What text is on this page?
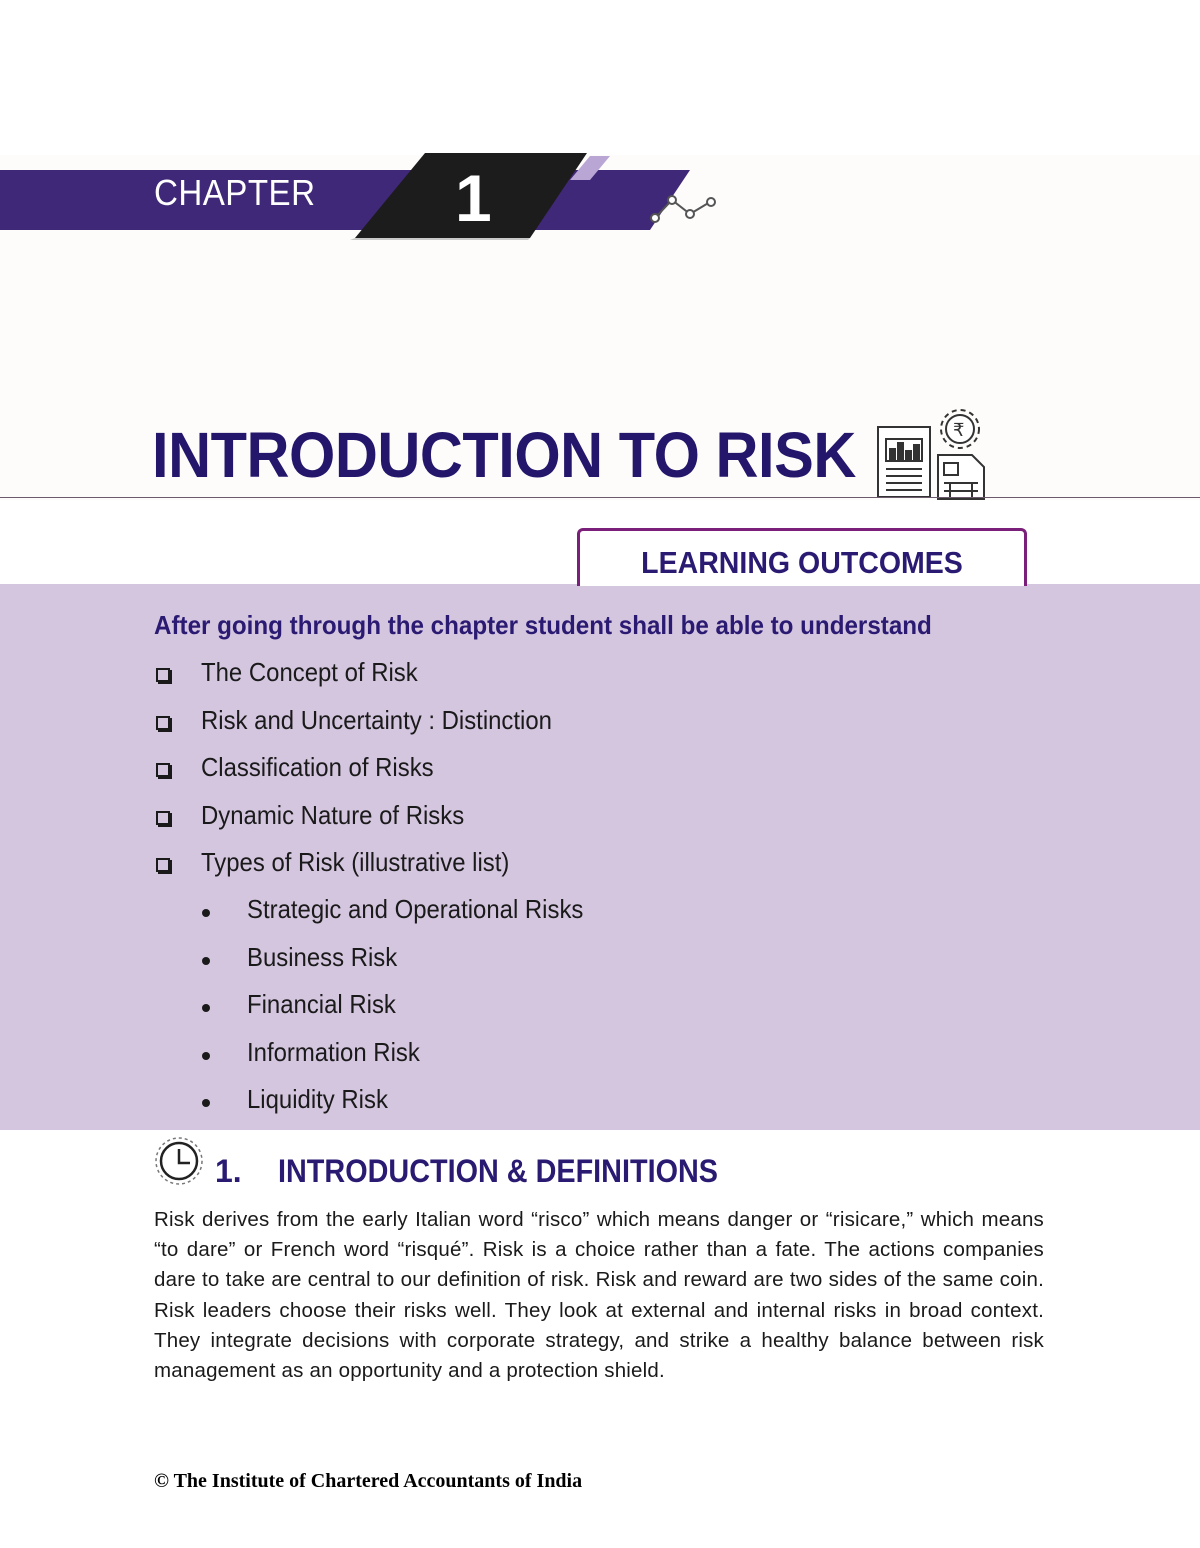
CHAPTER 1
INTRODUCTION TO RISK	₹
LEARNING OUTCOMES
After going through the chapter student shall be able to understand
The Concept of Risk
Risk and Uncertainty : Distinction
Classification of Risks
Dynamic Nature of Risks
Types of Risk (illustrative list)
Strategic and Operational Risks
Business Risk
Financial Risk
Information Risk
Liquidity Risk
1. INTRODUCTION & DEFINITIONS
Risk derives from the early Italian word “risco” which means danger or “risicare,” which means “to dare” or French word “risqué”. Risk is a choice rather than a fate. The actions companies dare to take are central to our definition of risk. Risk and reward are two sides of the same coin. Risk leaders choose their risks well. They look at external and internal risks in broad context. They integrate decisions with corporate strategy, and strike a healthy balance between risk management as an opportunity and a protection shield.
© The Institute of Chartered Accountants of India
